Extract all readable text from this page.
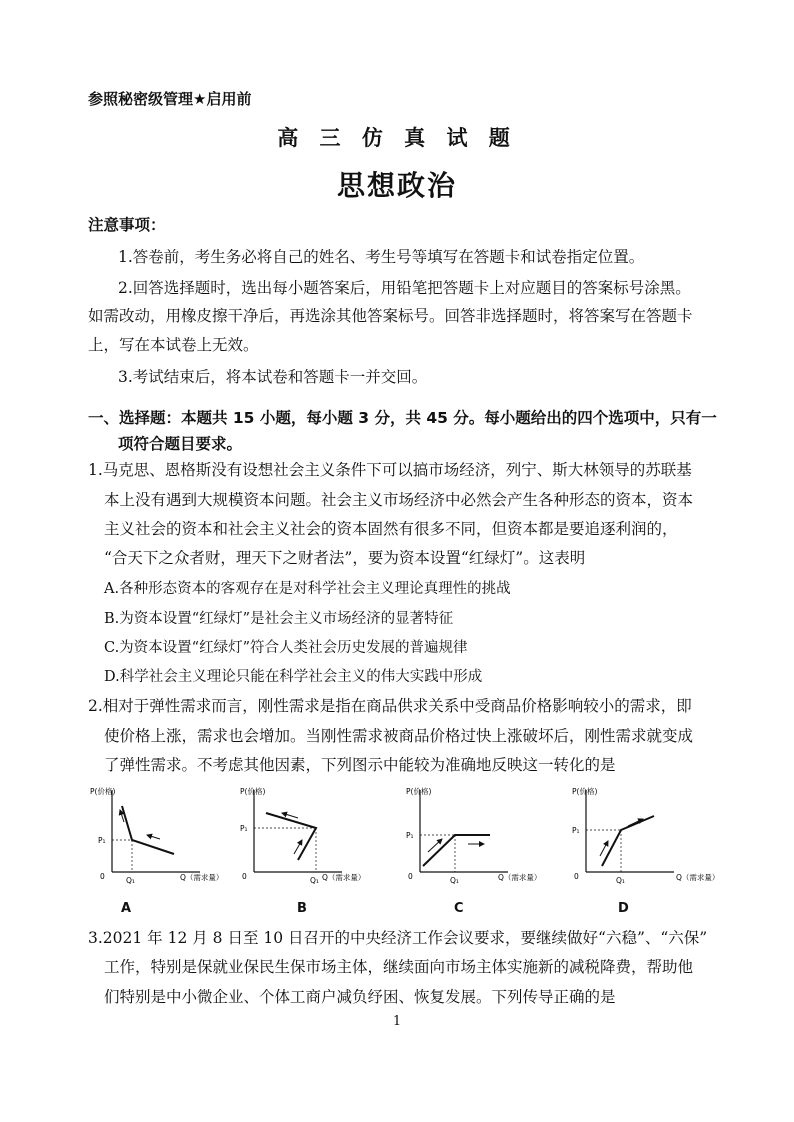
参照秘密级管理★启用前
高 三 仿 真 试 题
思想政治
注意事项：
1.答卷前，考生务必将自己的姓名、考生号等填写在答题卡和试卷指定位置。
2.回答选择题时，选出每小题答案后，用铅笔把答题卡上对应题目的答案标号涂黑。
如需改动，用橡皮擦干净后，再选涂其他答案标号。回答非选择题时，将答案写在答题卡
上，写在本试卷上无效。
3.考试结束后，将本试卷和答题卡一并交回。
一、选择题：本题共 15 小题，每小题 3 分，共 45 分。每小题给出的四个选项中，只有一
项符合题目要求。
1.马克思、恩格斯没有设想社会主义条件下可以搞市场经济，列宁、斯大林领导的苏联基
本上没有遇到大规模资本问题。社会主义市场经济中必然会产生各种形态的资本，资本
主义社会的资本和社会主义社会的资本固然有很多不同，但资本都是要追逐利润的，
“合天下之众者财，理天下之财者法”，要为资本设置“红绿灯”。这表明
A.各种形态资本的客观存在是对科学社会主义理论真理性的挑战
B.为资本设置“红绿灯”是社会主义市场经济的显著特征
C.为资本设置“红绿灯”符合人类社会历史发展的普遍规律
D.科学社会主义理论只能在科学社会主义的伟大实践中形成
2.相对于弹性需求而言，刚性需求是指在商品供求关系中受商品价格影响较小的需求，即
使价格上涨，需求也会增加。当刚性需求被商品价格过快上涨破坏后，刚性需求就变成
了弹性需求。不考虑其他因素，下列图示中能较为准确地反映这一转化的是
P(价格)
Q（需求量）
0
P₁
Q₁
P(价格)
Q（需求量）
0
P₁
Q₁
P(价格)
Q（需求量）
0
P₁
Q₁
P(价格)
Q（需求量）
0
P₁
Q₁
A	B	C	D
3.2021 年 12 月 8 日至 10 日召开的中央经济工作会议要求，要继续做好“六稳”、“六保”
工作，特别是保就业保民生保市场主体，继续面向市场主体实施新的减税降费，帮助他
们特别是中小微企业、个体工商户减负纾困、恢复发展。下列传导正确的是
1
